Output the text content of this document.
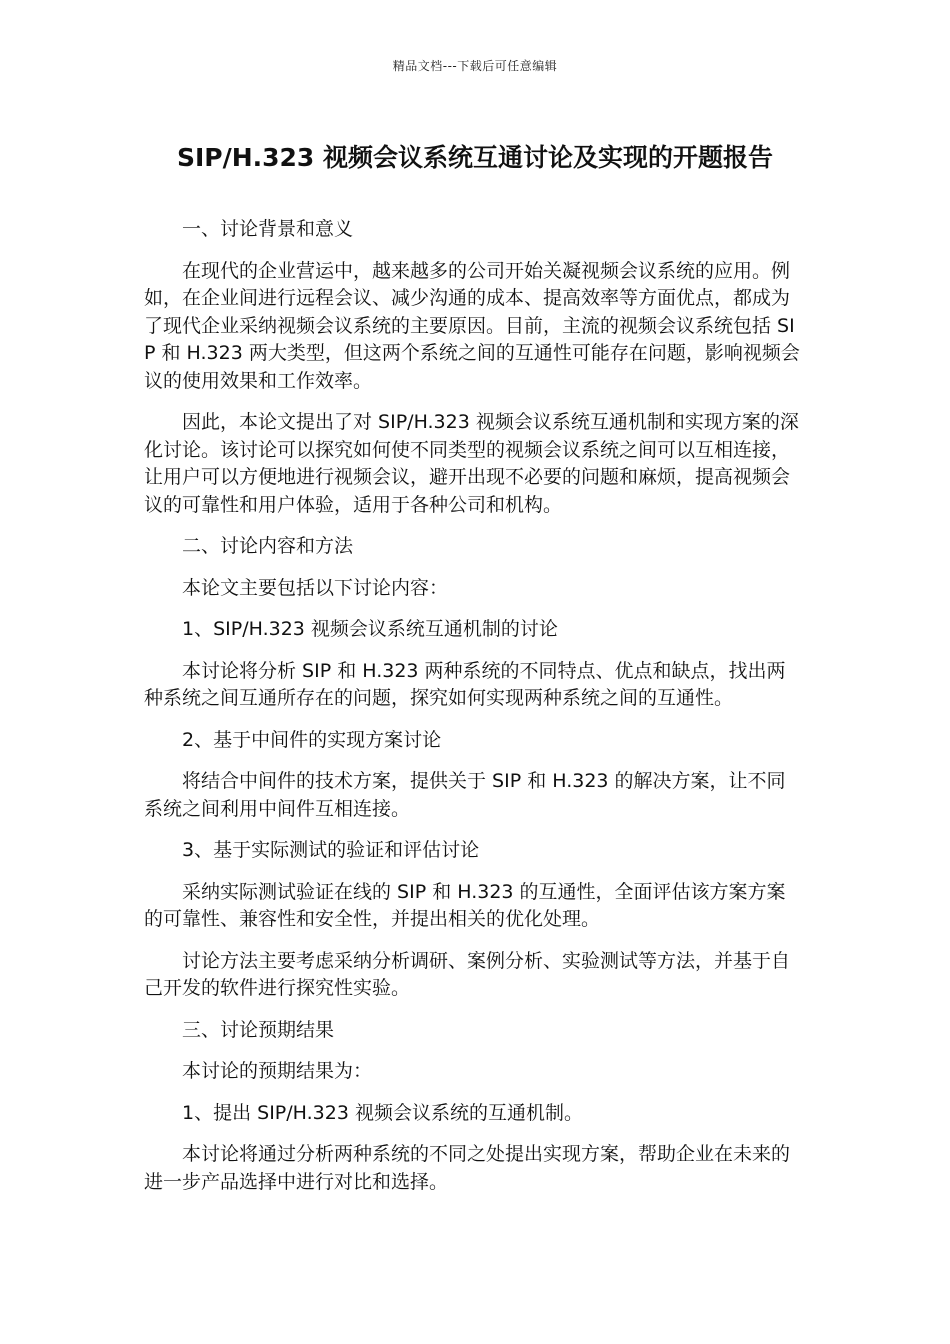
精品文档---下载后可任意编辑
SIP/H.323 视频会议系统互通讨论及实现的开题报告

一、讨论背景和意义

在现代的企业营运中，越来越多的公司开始关凝视频会议系统的应用。例如，在企业间进行远程会议、减少沟通的成本、提高效率等方面优点，都成为了现代企业采纳视频会议系统的主要原因。目前，主流的视频会议系统包括 SIP 和 H.323 两大类型，但这两个系统之间的互通性可能存在问题，影响视频会议的使用效果和工作效率。

因此，本论文提出了对 SIP/H.323 视频会议系统互通机制和实现方案的深化讨论。该讨论可以探究如何使不同类型的视频会议系统之间可以互相连接，让用户可以方便地进行视频会议，避开出现不必要的问题和麻烦，提高视频会议的可靠性和用户体验，适用于各种公司和机构。

二、讨论内容和方法

本论文主要包括以下讨论内容：

1、SIP/H.323 视频会议系统互通机制的讨论

本讨论将分析 SIP 和 H.323 两种系统的不同特点、优点和缺点，找出两种系统之间互通所存在的问题，探究如何实现两种系统之间的互通性。

2、基于中间件的实现方案讨论

将结合中间件的技术方案，提供关于 SIP 和 H.323 的解决方案，让不同系统之间利用中间件互相连接。

3、基于实际测试的验证和评估讨论

采纳实际测试验证在线的 SIP 和 H.323 的互通性，全面评估该方案方案的可靠性、兼容性和安全性，并提出相关的优化处理。

讨论方法主要考虑采纳分析调研、案例分析、实验测试等方法，并基于自己开发的软件进行探究性实验。

三、讨论预期结果

本讨论的预期结果为：

1、提出 SIP/H.323 视频会议系统的互通机制。

本讨论将通过分析两种系统的不同之处提出实现方案，帮助企业在未来的进一步产品选择中进行对比和选择。
